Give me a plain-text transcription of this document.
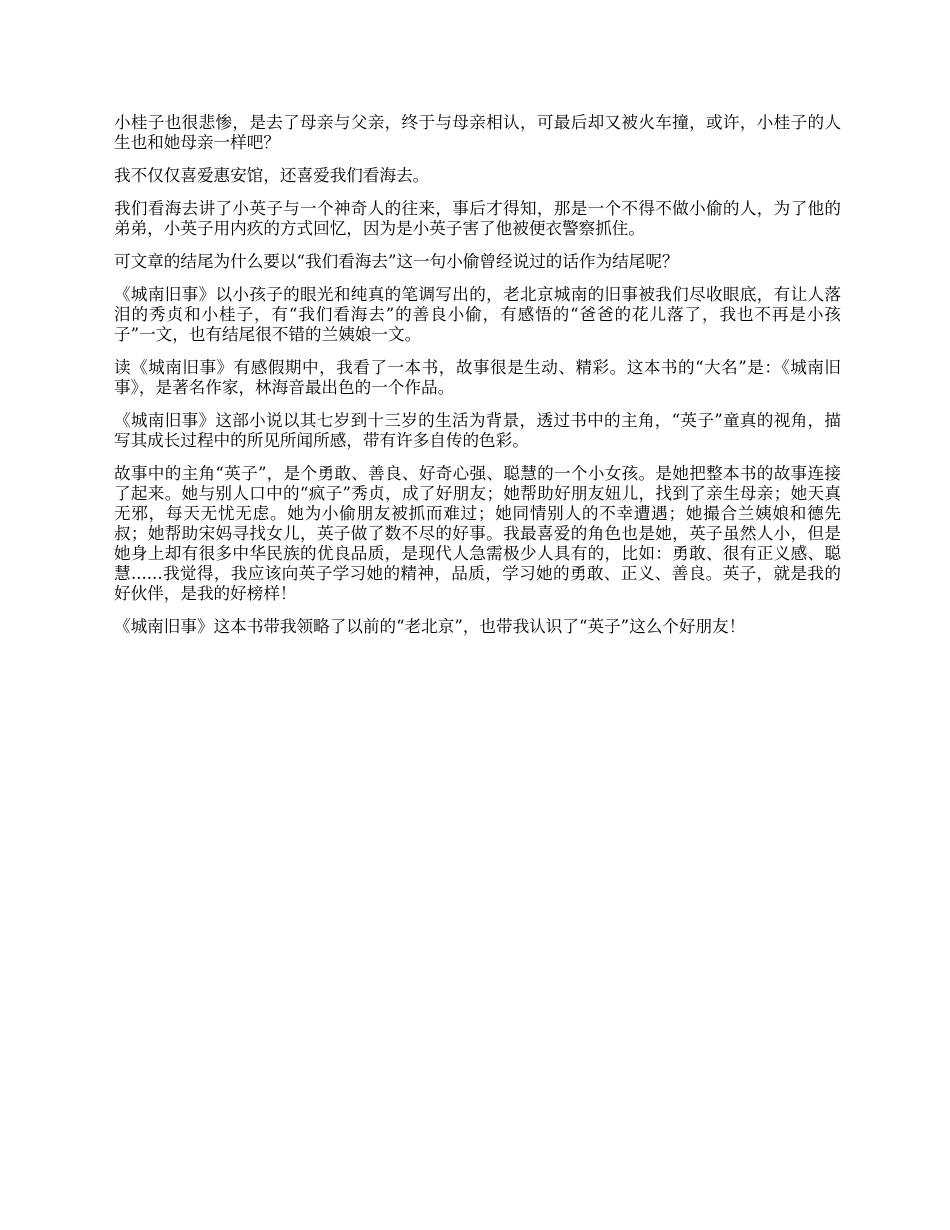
小桂子也很悲惨，是去了母亲与父亲，终于与母亲相认，可最后却又被火车撞，或许，小桂子的人生也和她母亲一样吧？

我不仅仅喜爱惠安馆，还喜爱我们看海去。

我们看海去讲了小英子与一个神奇人的往来，事后才得知，那是一个不得不做小偷的人，为了他的弟弟，小英子用内疚的方式回忆，因为是小英子害了他被便衣警察抓住。

可文章的结尾为什么要以“我们看海去”这一句小偷曾经说过的话作为结尾呢？

《城南旧事》以小孩子的眼光和纯真的笔调写出的，老北京城南的旧事被我们尽收眼底，有让人落泪的秀贞和小桂子，有“我们看海去”的善良小偷，有感悟的“爸爸的花儿落了，我也不再是小孩子”一文，也有结尾很不错的兰姨娘一文。

读《城南旧事》有感假期中，我看了一本书，故事很是生动、精彩。这本书的“大名”是：《城南旧事》，是著名作家，林海音最出色的一个作品。

《城南旧事》这部小说以其七岁到十三岁的生活为背景，透过书中的主角，“英子”童真的视角，描写其成长过程中的所见所闻所感，带有许多自传的色彩。

故事中的主角“英子”，是个勇敢、善良、好奇心强、聪慧的一个小女孩。是她把整本书的故事连接了起来。她与别人口中的“疯子”秀贞，成了好朋友；她帮助好朋友妞儿，找到了亲生母亲；她天真无邪，每天无忧无虑。她为小偷朋友被抓而难过；她同情别人的不幸遭遇；她撮合兰姨娘和德先叔；她帮助宋妈寻找女儿，英子做了数不尽的好事。我最喜爱的角色也是她，英子虽然人小，但是她身上却有很多中华民族的优良品质，是现代人急需极少人具有的，比如：勇敢、很有正义感、聪慧......我觉得，我应该向英子学习她的精神，品质，学习她的勇敢、正义、善良。英子，就是我的好伙伴，是我的好榜样！

《城南旧事》这本书带我领略了以前的“老北京”，也带我认识了“英子”这么个好朋友！
